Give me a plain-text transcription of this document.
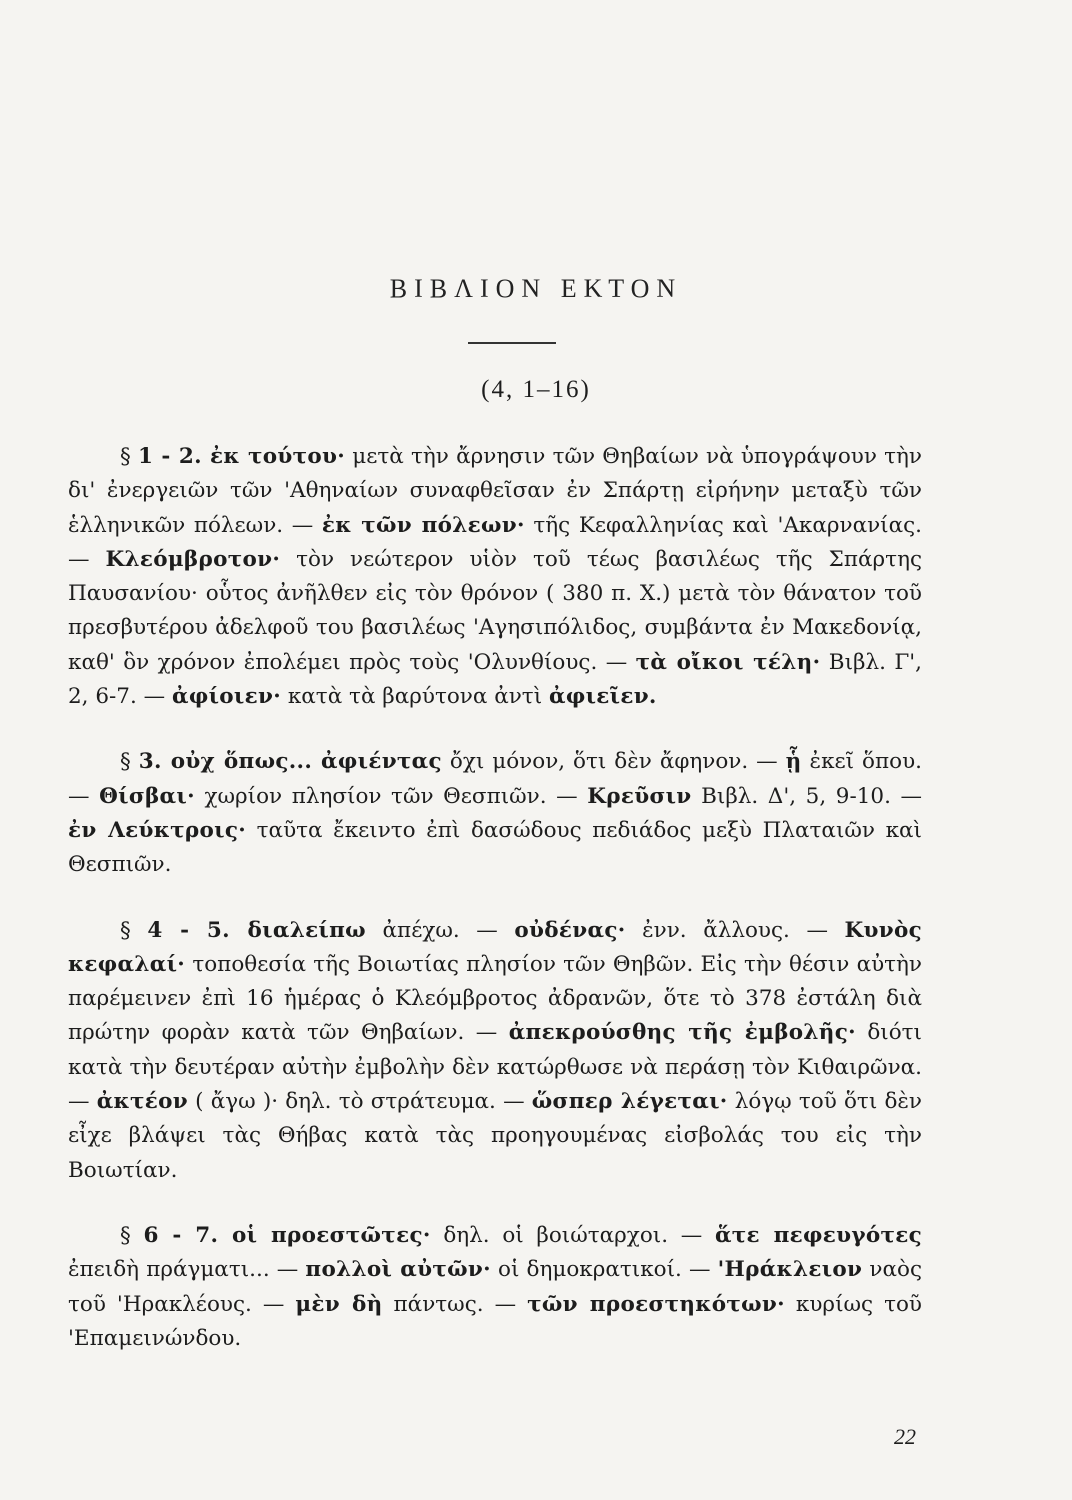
ΒΙΒΛΙΟΝ ΕΚΤΟΝ
(4, 1–16)

§ 1 - 2. ἐκ τούτου· μετὰ τὴν ἄρνησιν τῶν Θηβαίων νὰ ὑπογράψουν τὴν δι' ἐνεργειῶν τῶν 'Αθηναίων συναφθεῖσαν ἐν Σπάρτῃ εἰρήνην μεταξὺ τῶν ἑλληνικῶν πόλεων. — ἐκ τῶν πόλεων· τῆς Κεφαλληνίας καὶ 'Ακαρνανίας. — Κλεόμβροτον· τὸν νεώτερον υἱὸν τοῦ τέως βασιλέως τῆς Σπάρτης Παυσανίου· οὗτος ἀνῆλθεν εἰς τὸν θρόνον ( 380 π. Χ.) μετὰ τὸν θάνατον τοῦ πρεσβυτέρου ἀδελφοῦ του βασιλέως 'Αγησιπόλιδος, συμβάντα ἐν Μακεδονίᾳ, καθ' ὃν χρόνον ἐπολέμει πρὸς τοὺς 'Ολυνθίους. — τὰ οἴκοι τέλη· Βιβλ. Γ', 2, 6-7. — ἀφίοιεν· κατὰ τὰ βαρύτονα ἀντὶ ἀφιεῖεν.

§ 3. οὐχ ὅπως... ἀφιέντας ὄχι μόνον, ὅτι δὲν ἄφηνον. — ᾗ ἐκεῖ ὅπου. — Θίσβαι· χωρίον πλησίον τῶν Θεσπιῶν. — Κρεῦσιν Βιβλ. Δ', 5, 9-10. — ἐν Λεύκτροις· ταῦτα ἔκειντο ἐπὶ δασώδους πεδιάδος μεξὺ Πλαταιῶν καὶ Θεσπιῶν.

§ 4 - 5. διαλείπω ἀπέχω. — οὐδένας· ἐνν. ἄλλους. — Κυνὸς κεφαλαί· τοποθεσία τῆς Βοιωτίας πλησίον τῶν Θηβῶν. Εἰς τὴν θέσιν αὐτὴν παρέμεινεν ἐπὶ 16 ἡμέρας ὁ Κλεόμβροτος ἀδρανῶν, ὅτε τὸ 378 ἐστάλη διὰ πρώτην φορὰν κατὰ τῶν Θηβαίων. — ἀπεκρούσθης τῆς ἐμβολῆς· διότι κατὰ τὴν δευτέραν αὐτὴν ἐμβολὴν δὲν κατώρθωσε νὰ περάσῃ τὸν Κιθαιρῶνα. — ἀκτέον ( ἄγω )· δηλ. τὸ στράτευμα. — ὥσπερ λέγεται· λόγῳ τοῦ ὅτι δὲν εἶχε βλάψει τὰς Θήβας κατὰ τὰς προηγουμένας εἰσβολάς του εἰς τὴν Βοιωτίαν.

§ 6 - 7. οἱ προεστῶτες· δηλ. οἱ βοιώταρχοι. — ἅτε πεφευγότες ἐπειδὴ πράγματι... — πολλοὶ αὐτῶν· οἱ δημοκρατικοί. — 'Ηράκλειον ναὸς τοῦ 'Ηρακλέους. — μὲν δὴ πάντως. — τῶν προεστηκότων· κυρίως τοῦ 'Επαμεινώνδου.

22
